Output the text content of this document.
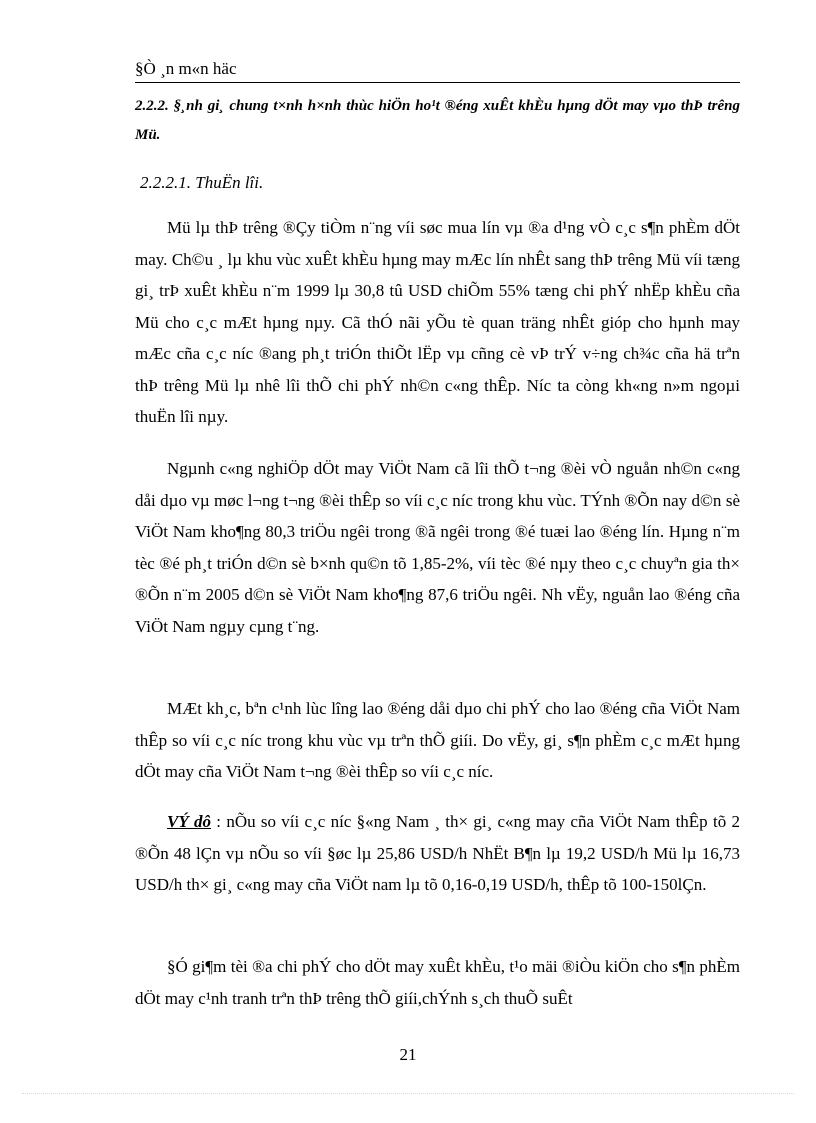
§Ò ¸n m«n häc
2.2.2. §¸nh gi¸ chung t×nh h×nh thùc hiÖn ho¹t ®éng xuÊt khÈu hµng dÖt may vµo thÞ trêng Mü.
2.2.2.1. ThuËn lîi.

Mü lµ thÞ trêng ®Çy tiÒm n¨ng víi søc mua lín vµ ®a d¹ng vÒ c¸c s¶n phÈm dÖt may. Ch©u ¸ lµ khu vùc xuÊt khÈu hµng may mÆc lín nhÊt sang thÞ trêng Mü víi tæng gi¸ trÞ xuÊt khÈu n¨m 1999 lµ 30,8 tû USD chiÕm 55% tæng chi phÝ nhËp khÈu cña Mü cho c¸c mÆt hµng nµy. Cã thÓ nãi yÕu tè quan träng nhÊt gióp cho hµnh may mÆc cña c¸c níc ®ang ph¸t triÓn thiÕt lËp vµ cñng cè vÞ trÝ v÷ng ch¾c cña hä trªn thÞ trêng Mü lµ nhê lîi thÕ chi phÝ nh©n c«ng thÊp. Níc ta còng kh«ng n»m ngoµi thuËn lîi nµy.

Ngµnh c«ng nghiÖp dÖt may ViÖt Nam cã lîi thÕ t¬ng ®èi vÒ nguån nh©n c«ng dåi dµo vµ møc l¬ng t¬ng ®èi thÊp so víi c¸c níc trong khu vùc. TÝnh ®Õn nay d©n sè ViÖt Nam kho¶ng 80,3 triÖu ngêi trong ®ã ngêi trong ®é tuæi lao ®éng lín. Hµng n¨m tèc ®é ph¸t triÓn d©n sè b×nh qu©n tõ 1,85-2%, víi tèc ®é nµy theo c¸c chuyªn gia th× ®Õn n¨m 2005 d©n sè ViÖt Nam kho¶ng 87,6 triÖu ngêi. Nh vËy, nguån lao ®éng cña ViÖt Nam ngµy cµng t¨ng.

MÆt kh¸c, bªn c¹nh lùc lîng lao ®éng dåi dµo chi phÝ cho lao ®éng cña ViÖt Nam thÊp so víi c¸c níc trong khu vùc vµ trªn thÕ giíi. Do vËy, gi¸ s¶n phÈm c¸c mÆt hµng dÖt may cña ViÖt Nam t¬ng ®èi thÊp so víi c¸c níc.

VÝ dô : nÕu so víi c¸c níc §«ng Nam ¸ th× gi¸ c«ng may cña ViÖt Nam thÊp tõ 2 ®Õn 48 lÇn vµ nÕu so víi §øc lµ 25,86 USD/h NhËt B¶n lµ 19,2 USD/h Mü lµ 16,73 USD/h th× gi¸ c«ng may cña ViÖt nam lµ tõ 0,16-0,19 USD/h, thÊp tõ 100-150lÇn.

§Ó gi¶m tèi ®a chi phÝ cho dÖt may xuÊt khÈu, t¹o mäi ®iÒu kiÖn cho s¶n phÈm dÖt may c¹nh tranh trªn thÞ trêng thÕ giíi,chÝnh s¸ch thuÕ suÊt

21
